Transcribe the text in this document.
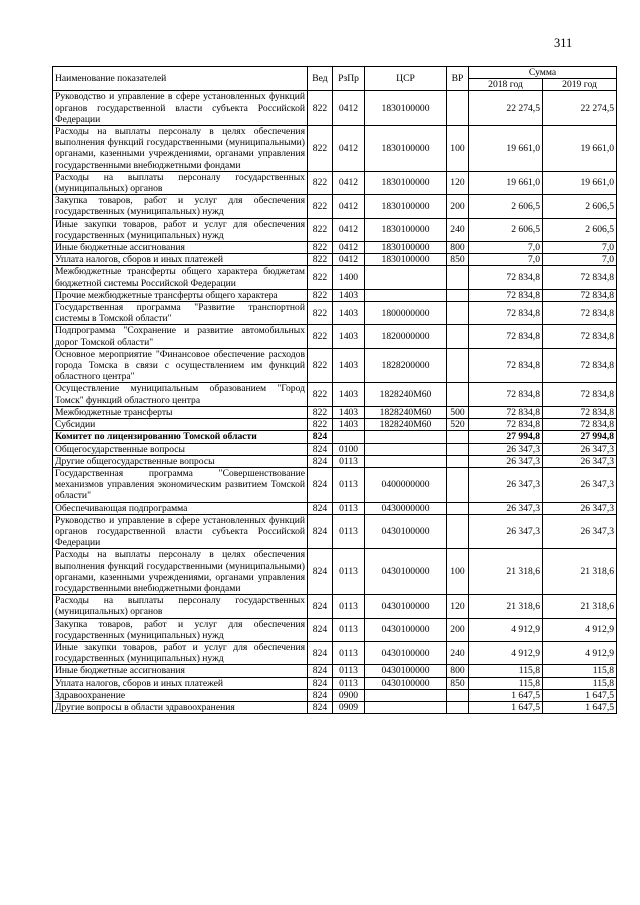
311
Наименование показателей	Вед	РзПр	ЦСР	ВР	Сумма	
					2018 год	2019 год
Руководство и управление в сфере установленных функций органов государственной власти субъекта Российской Федерации	822	0412	1830100000		22 274,5	22 274,5
Расходы на выплаты персоналу в целях обеспечения выполнения функций государственными (муниципальными) органами, казенными учреждениями, органами управления государственными внебюджетными фондами	822	0412	1830100000	100	19 661,0	19 661,0
Расходы на выплаты персоналу государственных (муниципальных) органов	822	0412	1830100000	120	19 661,0	19 661,0
Закупка товаров, работ и услуг для обеспечения государственных (муниципальных) нужд	822	0412	1830100000	200	2 606,5	2 606,5
Иные закупки товаров, работ и услуг для обеспечения государственных (муниципальных) нужд	822	0412	1830100000	240	2 606,5	2 606,5
Иные бюджетные ассигнования	822	0412	1830100000	800	7,0	7,0
Уплата налогов, сборов и иных платежей	822	0412	1830100000	850	7,0	7,0
Межбюджетные трансферты общего характера бюджетам бюджетной системы Российской Федерации	822	1400			72 834,8	72 834,8
Прочие межбюджетные трансферты общего характера	822	1403			72 834,8	72 834,8
Государственная программа "Развитие транспортной системы в Томской области"	822	1403	1800000000		72 834,8	72 834,8
Подпрограмма "Сохранение и развитие автомобильных дорог Томской области"	822	1403	1820000000		72 834,8	72 834,8
Основное мероприятие "Финансовое обеспечение расходов города Томска в связи с осуществлением им функций областного центра"	822	1403	1828200000		72 834,8	72 834,8
Осуществление муниципальным образованием "Город Томск" функций областного центра	822	1403	1828240М60		72 834,8	72 834,8
Межбюджетные трансферты	822	1403	1828240М60	500	72 834,8	72 834,8
Субсидии	822	1403	1828240М60	520	72 834,8	72 834,8
Комитет по лицензированию Томской области	824				27 994,8	27 994,8
Общегосударственные вопросы	824	0100			26 347,3	26 347,3
Другие общегосударственные вопросы	824	0113			26 347,3	26 347,3
Государственная программа "Совершенствование механизмов управления экономическим развитием Томской области"	824	0113	0400000000		26 347,3	26 347,3
Обеспечивающая подпрограмма	824	0113	0430000000		26 347,3	26 347,3
Руководство и управление в сфере установленных функций органов государственной власти субъекта Российской Федерации	824	0113	0430100000		26 347,3	26 347,3
Расходы на выплаты персоналу в целях обеспечения выполнения функций государственными (муниципальными) органами, казенными учреждениями, органами управления государственными внебюджетными фондами	824	0113	0430100000	100	21 318,6	21 318,6
Расходы на выплаты персоналу государственных (муниципальных) органов	824	0113	0430100000	120	21 318,6	21 318,6
Закупка товаров, работ и услуг для обеспечения государственных (муниципальных) нужд	824	0113	0430100000	200	4 912,9	4 912,9
Иные закупки товаров, работ и услуг для обеспечения государственных (муниципальных) нужд	824	0113	0430100000	240	4 912,9	4 912,9
Иные бюджетные ассигнования	824	0113	0430100000	800	115,8	115,8
Уплата налогов, сборов и иных платежей	824	0113	0430100000	850	115,8	115,8
Здравоохранение	824	0900			1 647,5	1 647,5
Другие вопросы в области здравоохранения	824	0909			1 647,5	1 647,5
